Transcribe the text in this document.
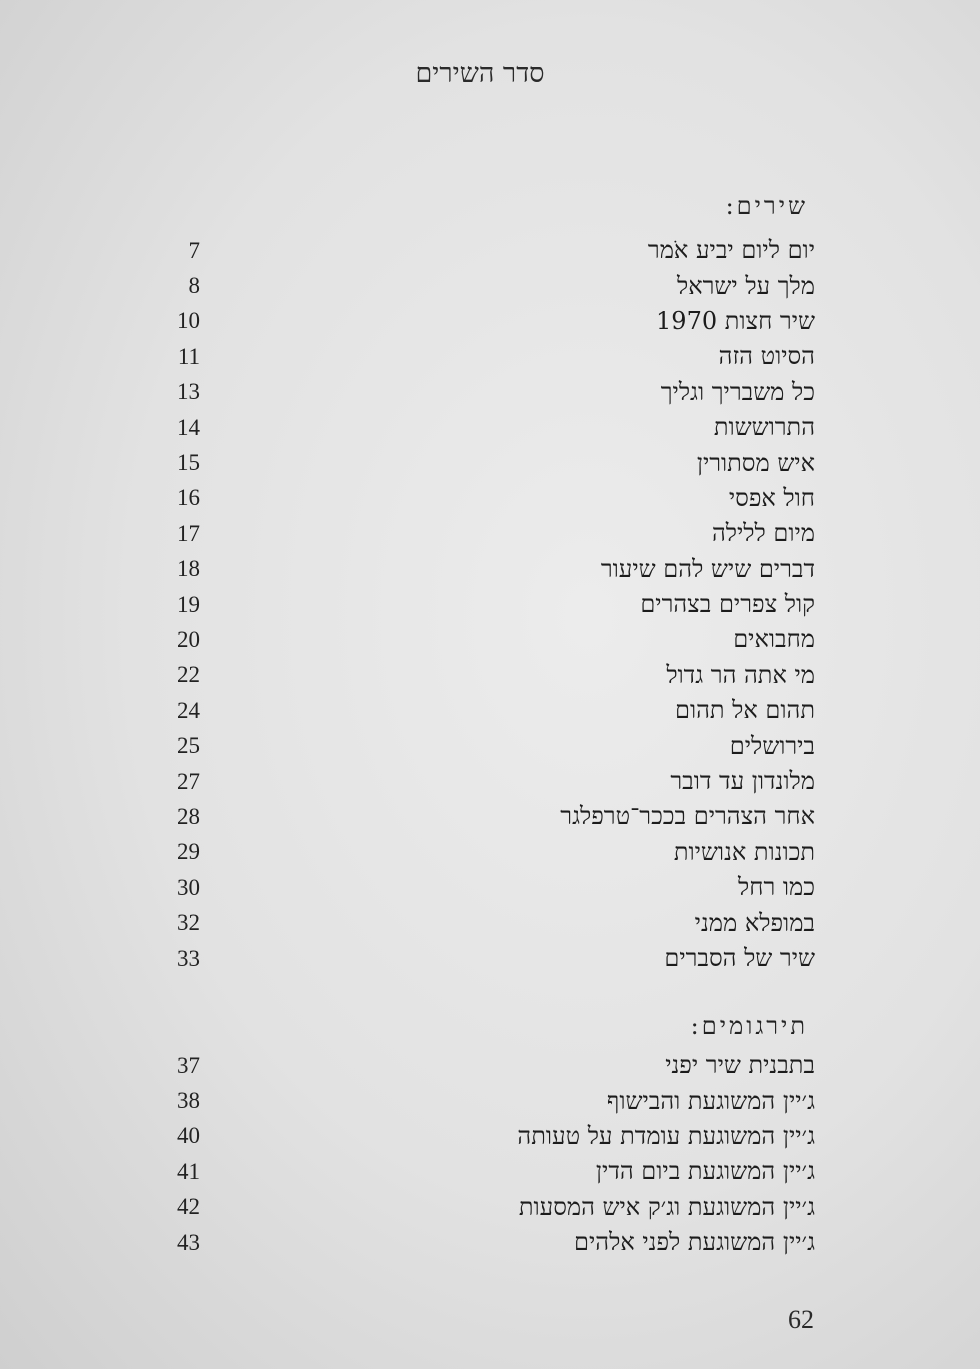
סדר השירים
שירים:
7	יום ליום יביע אֹמר
8	מלך על ישראל
10	שיר חצות 1970
11	הסיוט הזה
13	כל משבריך וגליך
14	התרוששות
15	איש מסתורין
16	חול אפסי
17	מיום ללילה
18	דברים שיש להם שיעור
19	קול צפרים בצהרים
20	מחבואים
22	מי אתה הר גדול
24	תהום אל תהום
25	בירושלים
27	מלונדון עד דובר
28	אחר הצהרים בככר־טרפלגר
29	תכונות אנושיות
30	כמו רחל
32	במופלא ממני
33	שיר של הסברים
תירגומים:
37	בתבנית שיר יפני
38	ג׳יין המשוגעת והבישוף
40	ג׳יין המשוגעת עומדת על טעותה
41	ג׳יין המשוגעת ביום הדין
42	ג׳יין המשוגעת וג׳ק איש המסעות
43	ג׳יין המשוגעת לפני אלהים
62
